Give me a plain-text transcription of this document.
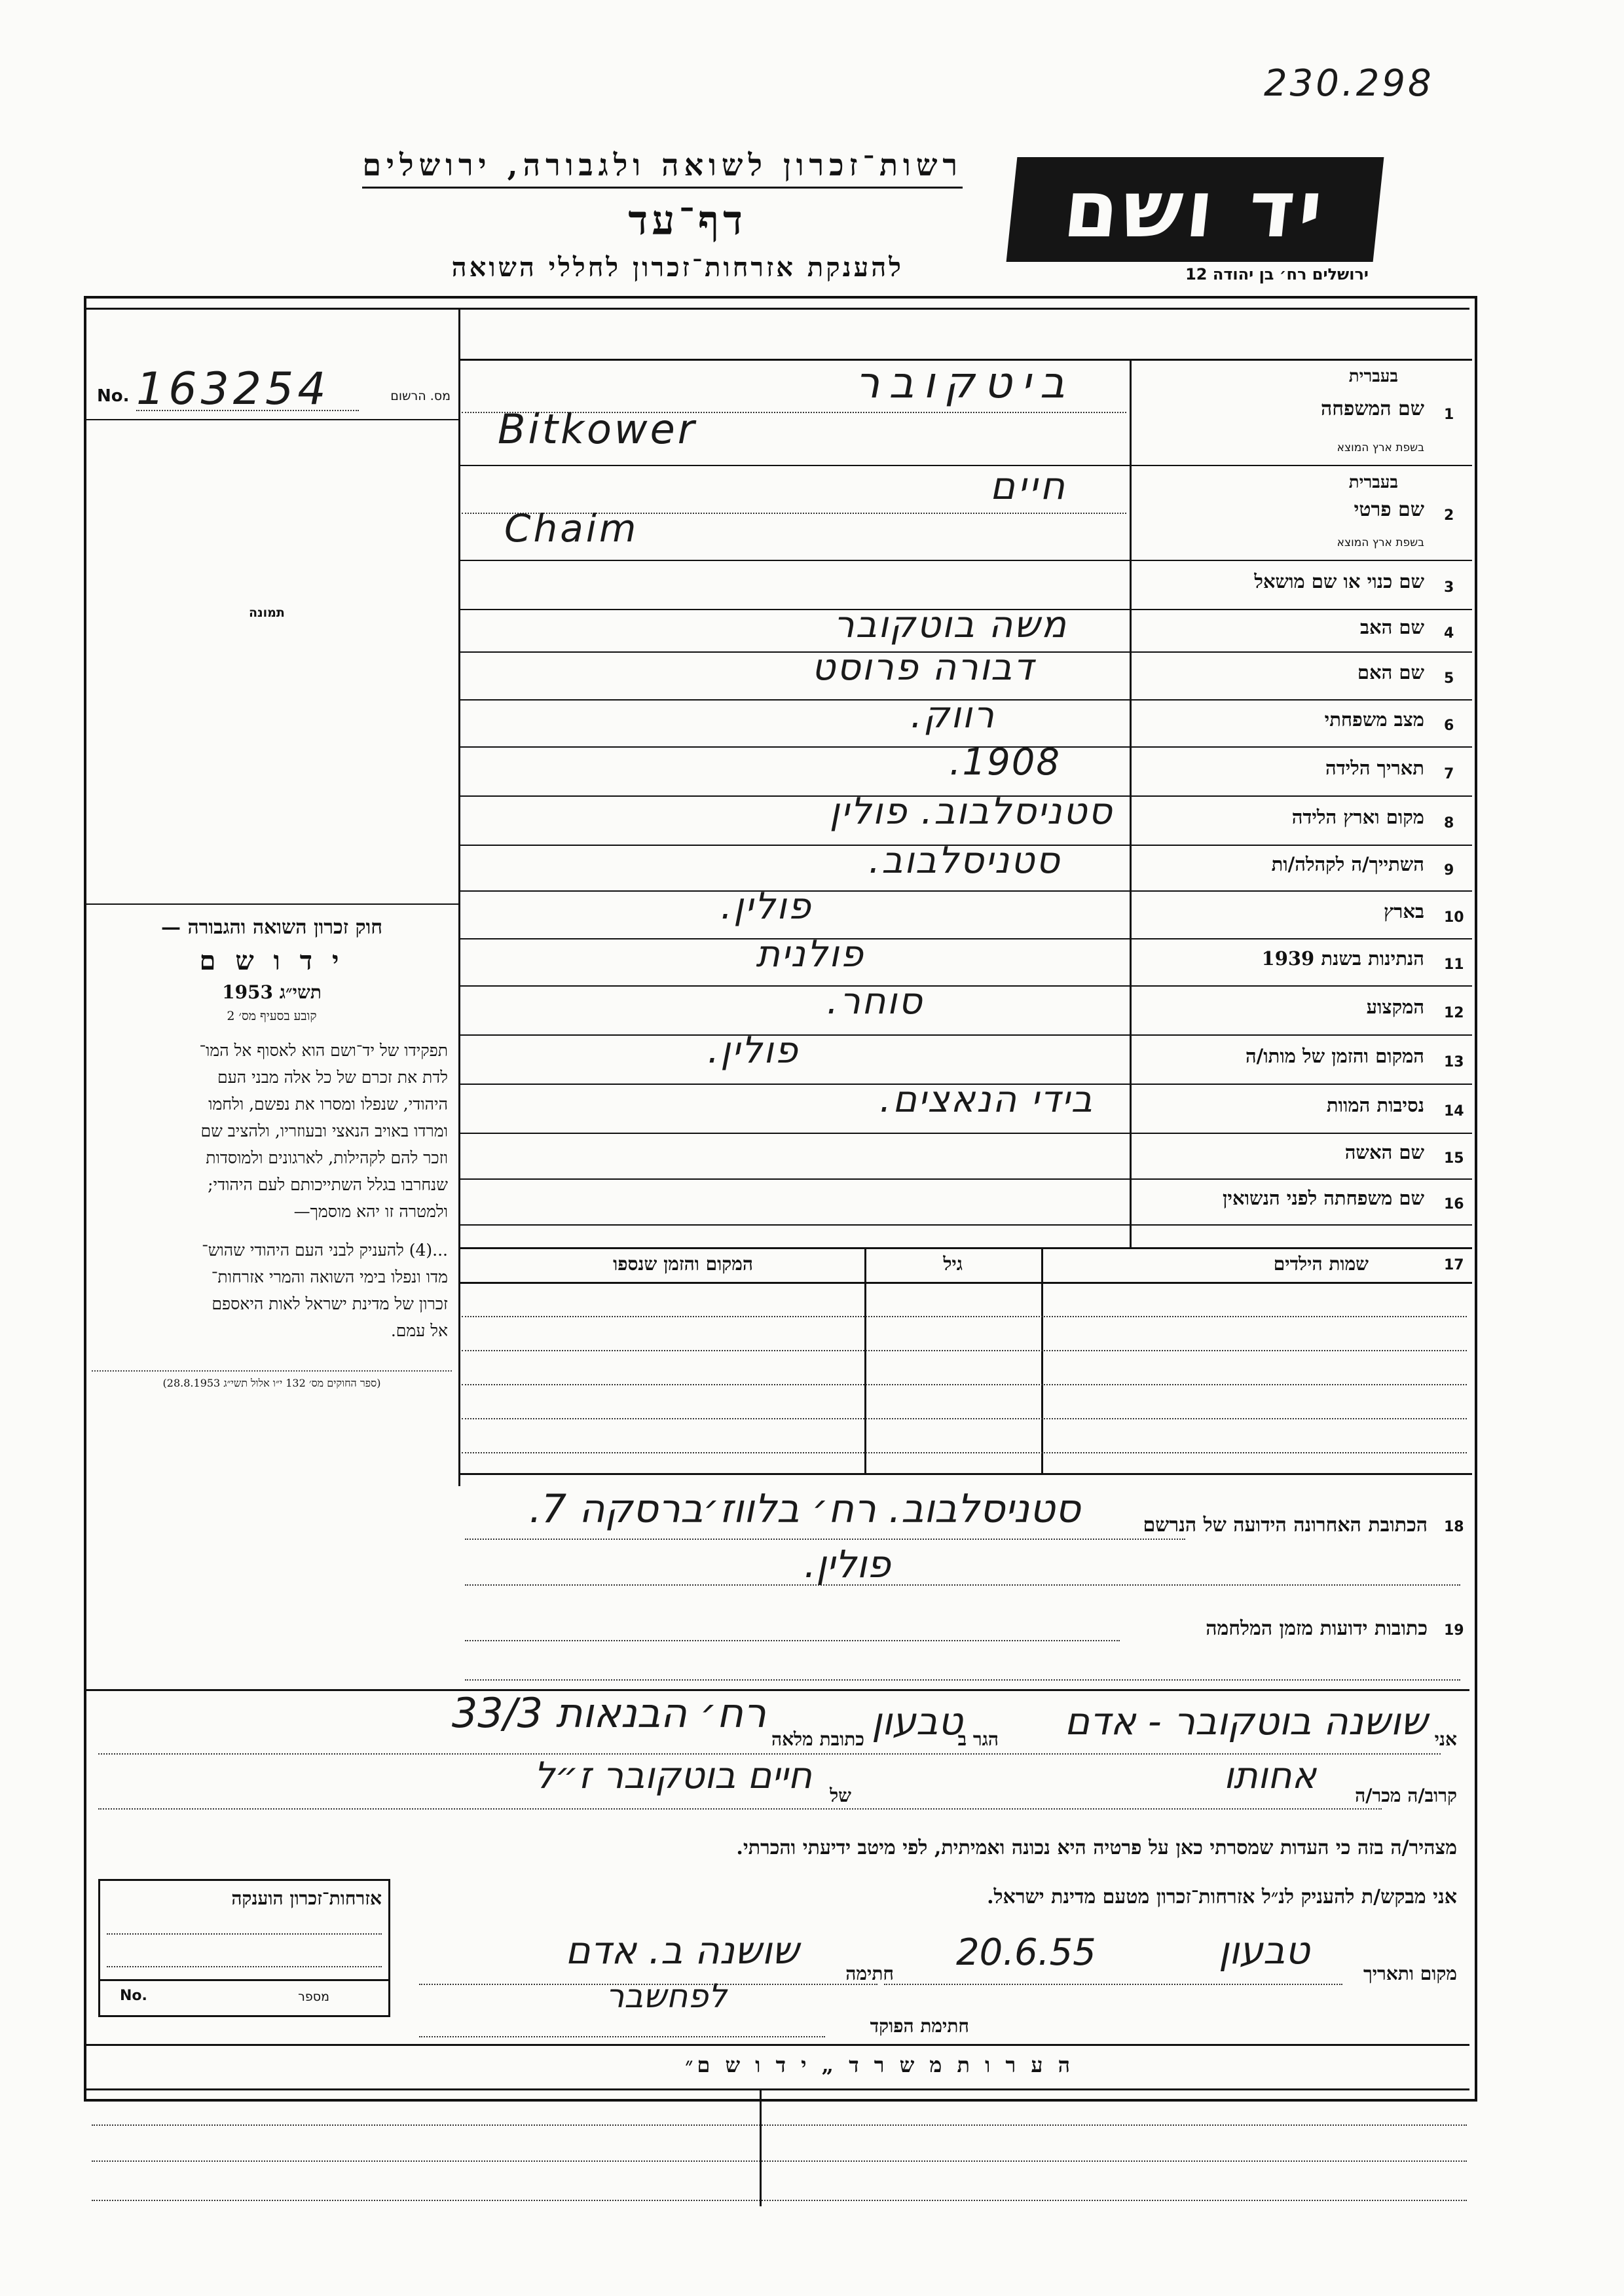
230.298
רשות־זכרון לשואה ולגבורה, ירושלים
דף־עד
להענקת אזרחות־זכרון לחללי השואה
יד ושם
ירושלים רח׳ בן יהודה 12
No. 163254	מס. הרשום
תמונה
חוק זכרון השואה והגבורה —
י ד ו ש ם
תשי״ג 1953
קובע בסעיף מס׳ 2
תפקידו של יד־ושם הוא לאסוף אל המו־
לדת את זכרם של כל אלה מבני העם
היהודי, שנפלו ומסרו את נפשם, ולחמו
ומרדו באויב הנאצי ובעוזריו, ולהציב שם
וזכר להם לקהילות, לארגונים ולמוסדות
שנחרבו בגלל השתייכותם לעם היהודי;
ולמטרה זו יהא מוסמך—
...(4) להעניק לבני העם היהודי שהוש־
מדו ונפלו בימי השואה והמרי אזרחות־
זכרון של מדינת ישראל לאות היאספם
אל עמם.
(ספר החוקים מס׳ 132 י״ו אלול תשי״ג 28.8.1953)
1
שם המשפחה
בעברית
בשפת ארץ המוצא
ביטקובר
Bitkower
2
שם פרטי
בעברית
בשפת ארץ המוצא
חיים
Chaim
3
שם כנוי או שם מושאל
4
שם האב
משה בוטקובר
5
שם האם
דבורה פרוסט
6
מצב משפחתי
רווק.
7
תאריך הלידה
1908.
8
מקום וארץ הלידה
סטניסלבוב. פולין
9
השתייך/ה לקהלה/ות
סטניסלבוב.
10
בארץ
פולין.
11
הנתינות בשנת 1939
פולנית
12
המקצוע
סוחר.
13
המקום והזמן של מותו/ה
פולין.
14
נסיבות המוות
בידי הנאצים.
15
שם האשה
16
שם משפחתה לפני הנשואין
17
שמות הילדים
גיל
המקום והזמן שנספו
18
הכתובת האחרונה הידועה של הנרשם
סטניסלבוב. רח׳ בלווז׳ברסקה 7.
פולין.
19
כתובות ידועות מזמן המלחמה
אני
שושנה בוטקובר - אדם
הגר ב
טבעון
כתובת מלאה
רח׳ הבנאות 33/3
קרוב/ה מכר/ה
אחותו
של
חיים בוטקובר ז״ל
מצהיר/ה בזה כי העדות שמסרתי כאן על פרטיה היא נכונה ואמיתית, לפי מיטב ידיעתי והכרתי.
אני מבקש/ת להעניק לנ״ל אזרחות־זכרון מטעם מדינת ישראל.
אזרחות־זכרון הוענקה
No.	מספר
מקום ותאריך
טבעון
20.6.55
חתימה
שושנה ב. אדם
חתימת הפוקד
לפחשבר
ה ע ר ו ת מ ש ר ד „ י ד ו ש ם״
